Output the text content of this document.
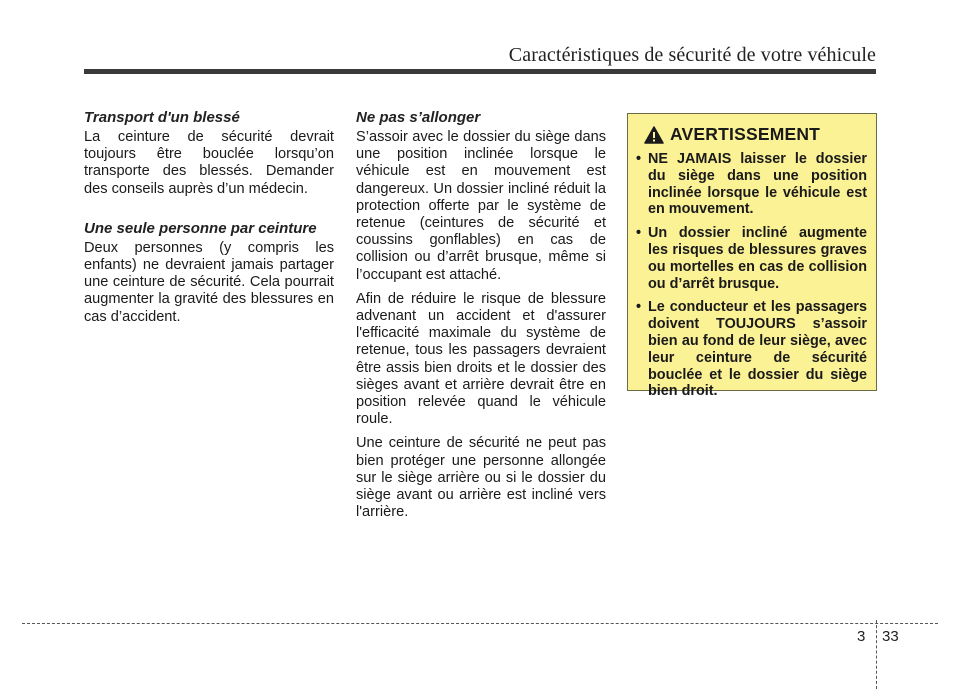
Caractéristiques de sécurité de votre véhicule
Transport d'un blessé

La ceinture de sécurité devrait toujours être bouclée lorsqu’on transporte des blessés. Demander des conseils auprès d’un médecin.

Une seule personne par ceinture

Deux personnes (y compris les enfants) ne devraient jamais partager une ceinture de sécurité. Cela pourrait augmenter la gravité des blessures en cas d’accident.

Ne pas s’allonger

S’assoir avec le dossier du siège dans une position inclinée lorsque le véhicule est en mouvement est dangereux. Un dossier incliné réduit la protection offerte par le système de retenue (ceintures de sécurité et coussins gonflables) en cas de collision ou d’arrêt brusque, même si l’occupant est attaché.

Afin de réduire le risque de blessure advenant un accident et d'assurer l'efficacité maximale du système de retenue, tous les passagers devraient être assis bien droits et le dossier des sièges avant et arrière devrait être en position relevée quand le véhicule roule.

Une ceinture de sécurité ne peut pas bien protéger une personne allongée sur le siège arrière ou si le dossier du siège avant ou arrière est incliné vers l'arrière.

AVERTISSEMENT
• NE JAMAIS laisser le dossier du siège dans une position inclinée lorsque le véhicule est en mouvement.
• Un dossier incliné augmente les risques de blessures graves ou mortelles en cas de collision ou d’arrêt brusque.
• Le conducteur et les passagers doivent TOUJOURS s’assoir bien au fond de leur siège, avec leur ceinture de sécurité bouclée et le dossier du siège bien droit.
3 33
